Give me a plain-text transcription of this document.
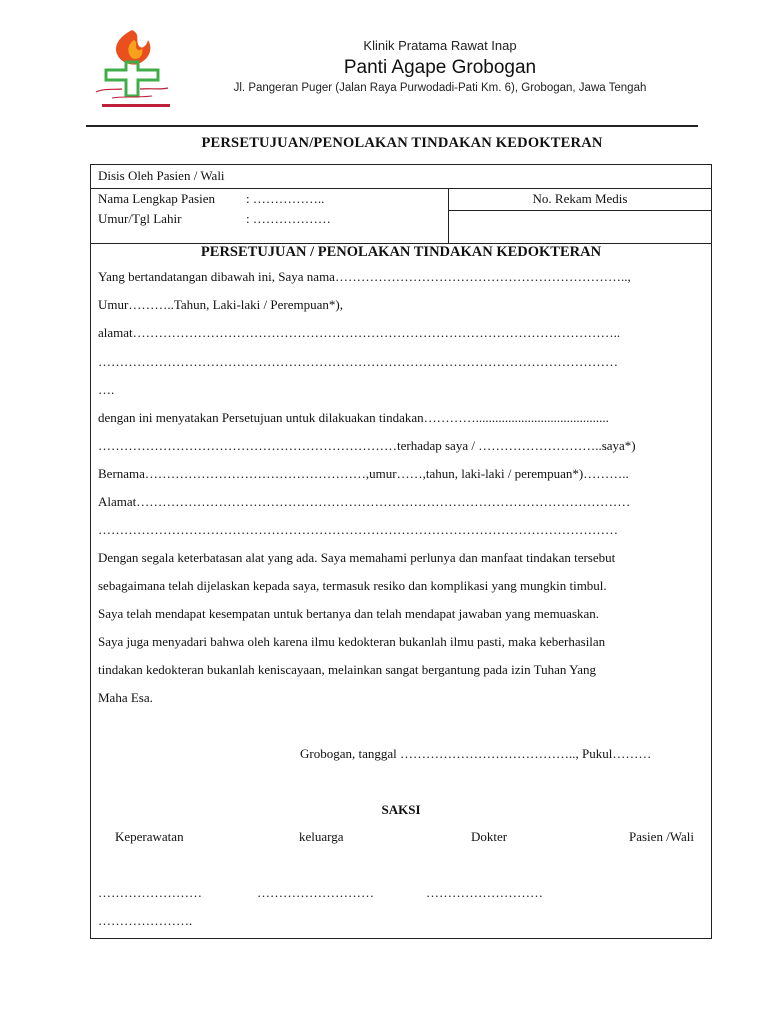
Klinik Pratama Rawat Inap
Panti Agape Grobogan
Jl. Pangeran Puger (Jalan Raya Purwodadi-Pati Km. 6), Grobogan, Jawa Tengah
PERSETUJUAN/PENOLAKAN TINDAKAN KEDOKTERAN
Disis Oleh Pasien / Wali
Nama Lengkap Pasien : ……………..
Umur/Tgl Lahir	: ………………
No. Rekam Medis
PERSETUJUAN / PENOLAKAN TINDAKAN KEDOKTERAN
Yang bertandatangan dibawah ini, Saya nama…………………………………………………………..,
Umur………..Tahun, Laki-laki / Perempuan*),
alamat…………………………………………………………………………………………………..
…………………………………………………………………………………………………………
….
dengan ini menyatakan Persetujuan untuk dilakuakan tindakan………….........................................
……………………………………………………………terhadap saya / ………………………..saya*)
Bernama……………………………………………,umur……,tahun, laki-laki / perempuan*)………..
Alamat……………………………………………………………………………………………………
…………………………………………………………………………………………………………
Dengan segala keterbatasan alat yang ada. Saya memahami perlunya dan manfaat tindakan tersebut
sebagaimana telah dijelaskan kepada saya, termasuk resiko dan komplikasi yang mungkin timbul.
Saya telah mendapat kesempatan untuk bertanya dan telah mendapat jawaban yang memuaskan.
Saya juga menyadari bahwa oleh karena ilmu kedokteran bukanlah ilmu pasti, maka keberhasilan
tindakan kedokteran bukanlah keniscayaan, melainkan sangat bergantung pada izin Tuhan Yang
Maha Esa.
Grobogan, tanggal ………………………………….., Pukul………
SAKSI
Keperawatan	keluarga	Dokter	Pasien /Wali
……………………	………………………	………………………
………………….
